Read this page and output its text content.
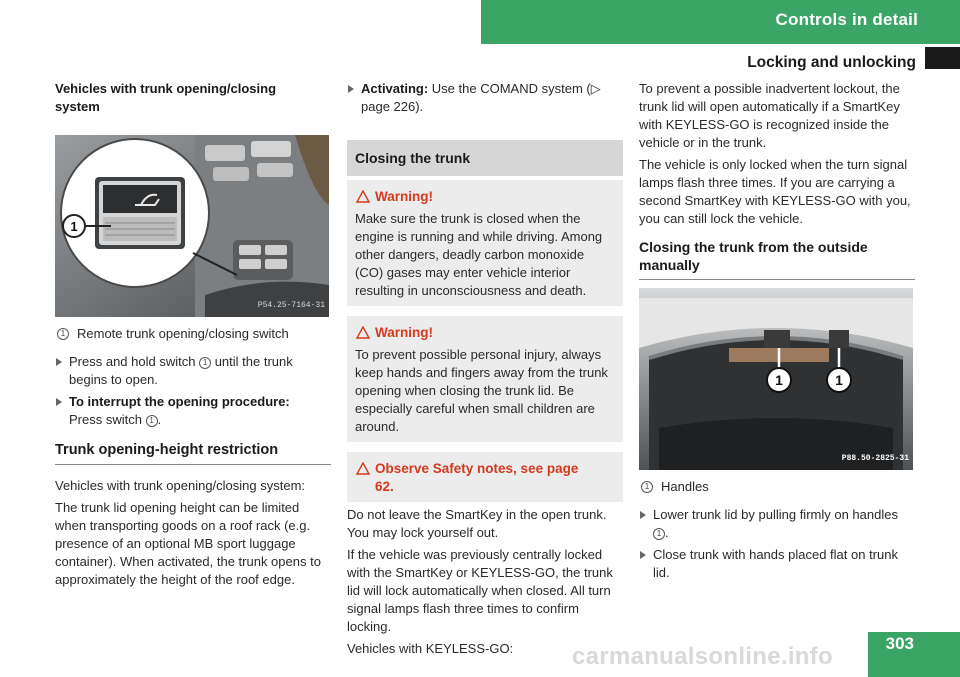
Controls in detail
Locking and unlocking
Vehicles with trunk opening/closing system
1
P54.25-7164-31
1 Remote trunk opening/closing switch
Press and hold switch 1 until the trunk begins to open.
To interrupt the opening procedure:
Press switch 1 .
Trunk opening-height restriction

Vehicles with trunk opening/closing system:

The trunk lid opening height can be limited when transporting goods on a roof rack (e.g. presence of an optional MB sport luggage container). When activated, the trunk opens to approximately the height of the roof edge.

Activating: Use the COMAND system (▷ page 226).
Closing the trunk
Warning!
Make sure the trunk is closed when the engine is running and while driving. Among other dangers, deadly carbon monoxide (CO) gases may enter vehicle interior resulting in unconsciousness and death.
Warning!
To prevent possible personal injury, always keep hands and fingers away from the trunk opening when closing the trunk lid. Be especially careful when small children are around.
Observe Safety notes, see page 62.

Do not leave the SmartKey in the open trunk. You may lock yourself out.

If the vehicle was previously centrally locked with the SmartKey or KEYLESS-GO, the trunk lid will lock automatically when closed. All turn signal lamps flash three times to confirm locking.

Vehicles with KEYLESS-GO:

To prevent a possible inadvertent lockout, the trunk lid will open automatically if a SmartKey with KEYLESS-GO is recognized inside the vehicle or in the trunk.

The vehicle is only locked when the turn signal lamps flash three times. If you are carrying a second SmartKey with KEYLESS-GO with you, you can still lock the vehicle.

Closing the trunk from the outside manually
1	1
P88.50-2825-31
1 Handles
Lower trunk lid by pulling firmly on handles
1 .
Close trunk with hands placed flat on trunk lid.
carmanualsonline.info	303
